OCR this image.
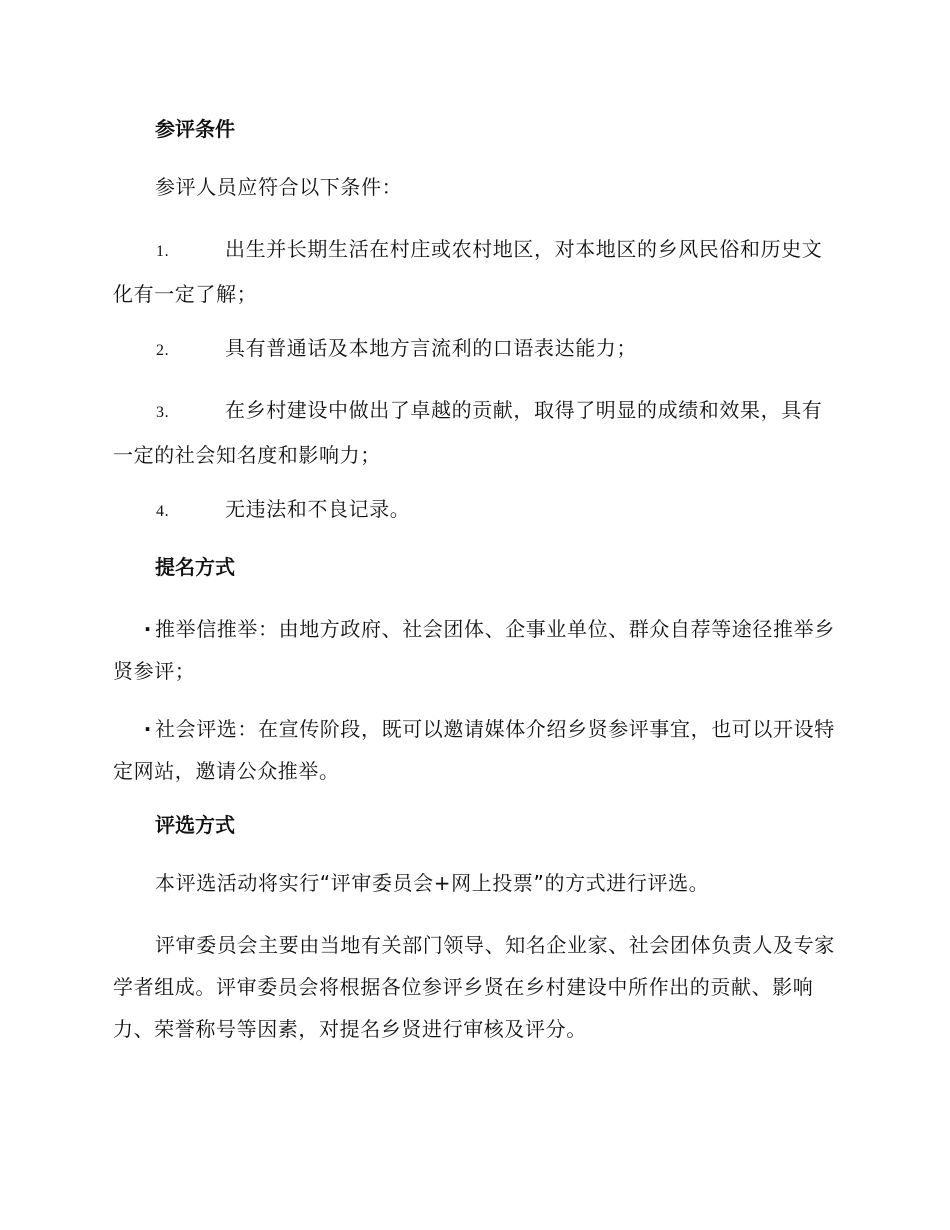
参评条件
参评人员应符合以下条件：
1.	出生并长期生活在村庄或农村地区，对本地区的乡风民俗和历史文化有一定了解；
2.	具有普通话及本地方言流利的口语表达能力；
3.	在乡村建设中做出了卓越的贡献，取得了明显的成绩和效果，具有一定的社会知名度和影响力；
4.	无违法和不良记录。
提名方式
· 推举信推举：由地方政府、社会团体、企事业单位、群众自荐等途径推举乡贤参评；
· 社会评选：在宣传阶段，既可以邀请媒体介绍乡贤参评事宜，也可以开设特定网站，邀请公众推举。
评选方式
本评选活动将实行“评审委员会+网上投票”的方式进行评选。
评审委员会主要由当地有关部门领导、知名企业家、社会团体负责人及专家学者组成。评审委员会将根据各位参评乡贤在乡村建设中所作出的贡献、影响力、荣誉称号等因素，对提名乡贤进行审核及评分。
